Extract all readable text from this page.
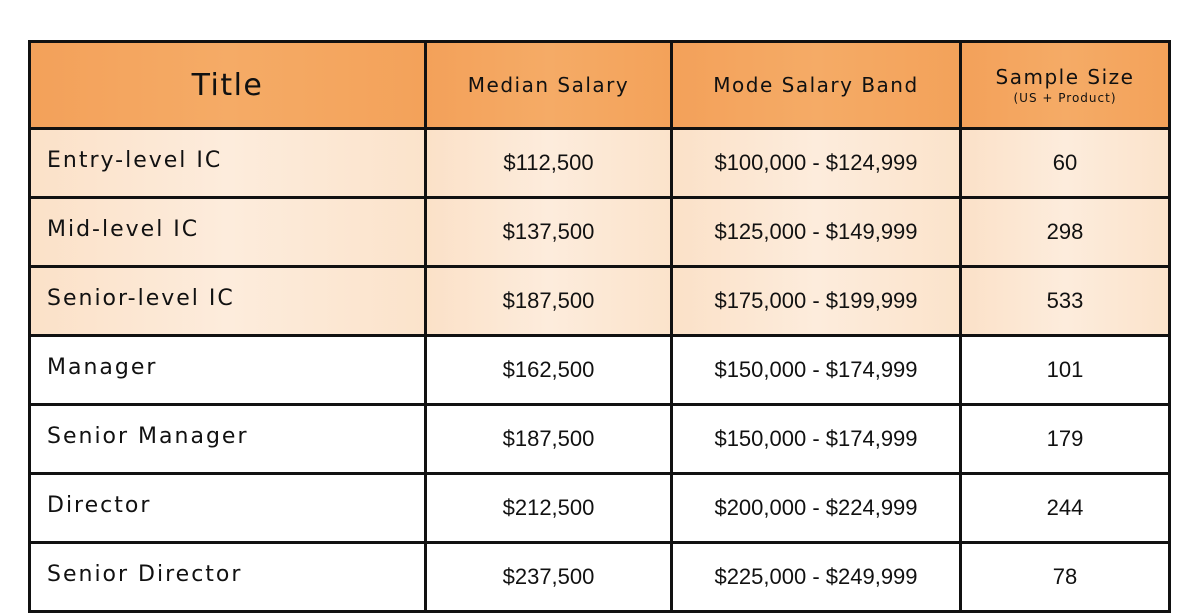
Title	Median Salary	Mode Salary Band	Sample Size
(US + Product)

Entry-level IC	$112,500	$100,000 - $124,999	60
Mid-level IC	$137,500	$125,000 - $149,999	298
Senior-level IC	$187,500	$175,000 - $199,999	533
Manager	$162,500	$150,000 - $174,999	101
Senior Manager	$187,500	$150,000 - $174,999	179
Director	$212,500	$200,000 - $224,999	244
Senior Director	$237,500	$225,000 - $249,999	78
